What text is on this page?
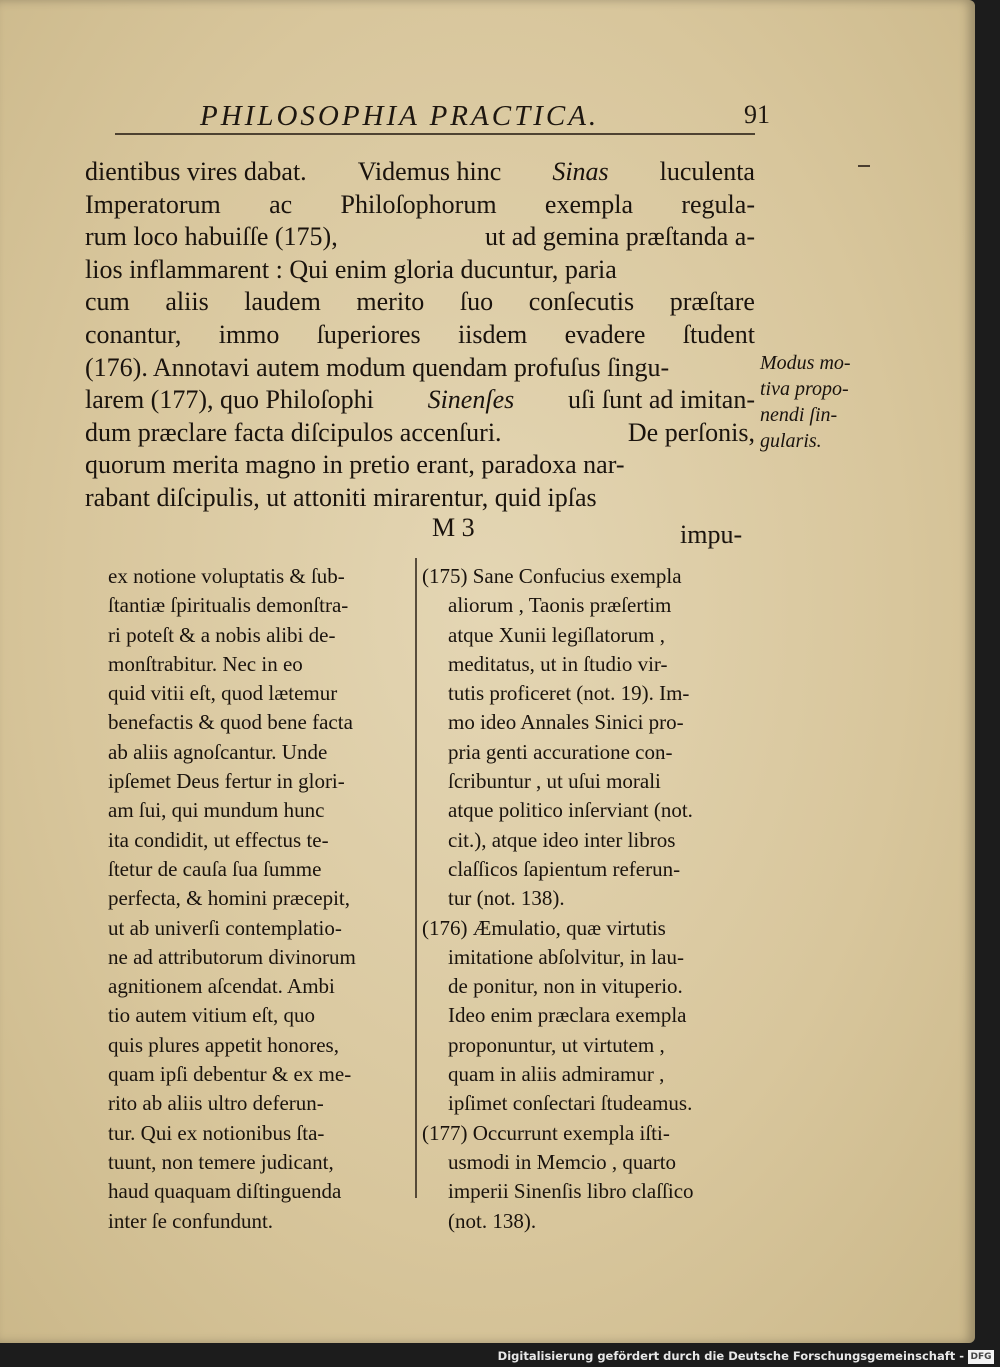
PHILOSOPHIA PRACTICA.	91
dientibus vires dabat. Videmus hinc Sinas luculenta
Imperatorum ac Philoſophorum exempla regula-
rum loco habuiſſe (175),	ut ad gemina præſtanda a-
lios inflammarent : Qui enim gloria ducuntur, paria
cum aliis laudem merito ſuo conſecutis præſtare
conantur, immo ſuperiores iisdem evadere ſtudent
(176). Annotavi autem modum quendam profuſus ſingu-
larem (177), quo Philoſophi Sinenſes uſi ſunt ad imitan-
dum præclare facta diſcipulos accenſuri.	De perſonis,
quorum merita magno in pretio erant, paradoxa nar-
rabant diſcipulis, ut attoniti mirarentur, quid ipſas
Modus mo-
tiva propo-
nendi ſin-
gularis.
M 3	impu-
ex notione voluptatis & ſub-
ſtantiæ ſpiritualis demonſtra-
ri poteſt & a nobis alibi de-
monſtrabitur. Nec in eo
quid vitii eſt, quod lætemur
benefactis & quod bene facta
ab aliis agnoſcantur. Unde
ipſemet Deus fertur in glori-
am ſui, qui mundum hunc
ita condidit, ut effectus te-
ſtetur de cauſa ſua ſumme
perfecta, & homini præcepit,
ut ab univerſi contemplatio-
ne ad attributorum divinorum
agnitionem aſcendat. Ambi
tio autem vitium eſt, quo
quis plures appetit honores,
quam ipſi debentur & ex me-
rito ab aliis ultro deferun-
tur. Qui ex notionibus ſta-
tuunt, non temere judicant,
haud quaquam diſtinguenda
inter ſe confundunt.
(175) Sane Confucius exempla
aliorum , Taonis præſertim
atque Xunii legiſlatorum ,
meditatus, ut in ſtudio vir-
tutis proficeret (not. 19). Im-
mo ideo Annales Sinici pro-
pria genti accuratione con-
ſcribuntur , ut uſui morali
atque politico inſerviant (not.
cit.), atque ideo inter libros
claſſicos ſapientum referun-
tur (not. 138).
(176) Æmulatio, quæ virtutis
imitatione abſolvitur, in lau-
de ponitur, non in vituperio.
Ideo enim præclara exempla
proponuntur, ut virtutem ,
quam in aliis admiramur ,
ipſimet conſectari ſtudeamus.
(177) Occurrunt exempla iſti-
usmodi in Memcio , quarto
imperii Sinenſis libro claſſico
(not. 138).
Digitalisierung gefördert durch die Deutsche Forschungsgemeinschaft - DFG
